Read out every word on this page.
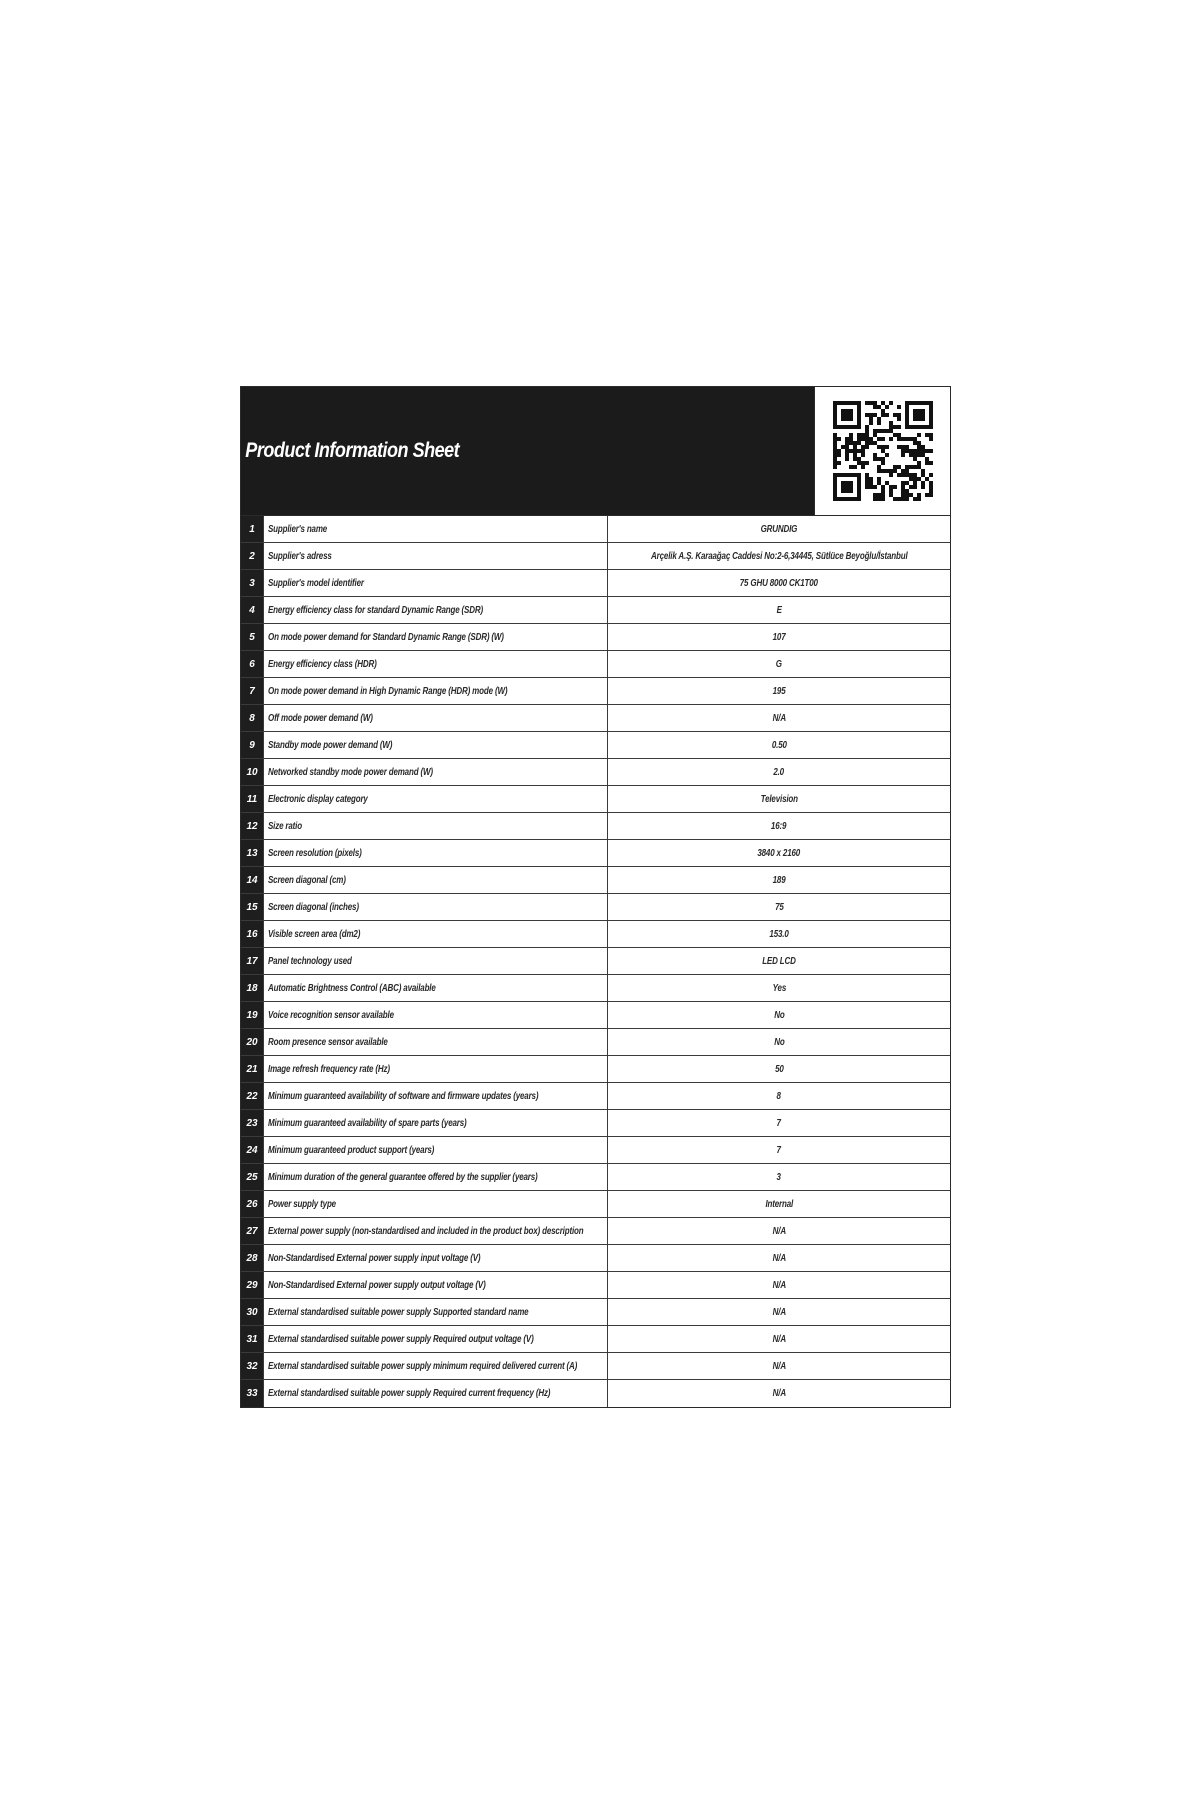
Product Information Sheet
1	Supplier's name	GRUNDIG
2	Supplier's adress	Arçelik A.Ş. Karaağaç Caddesi No:2-6,34445, Sütlüce Beyoğlu/İstanbul
3	Supplier's model identifier	75 GHU 8000 CK1T00
4	Energy efficiency class for standard Dynamic Range (SDR)	E
5	On mode power demand for Standard Dynamic Range (SDR) (W)	107
6	Energy efficiency class (HDR)	G
7	On mode power demand in High Dynamic Range (HDR) mode (W)	195
8	Off mode power demand (W)	N/A
9	Standby mode power demand (W)	0.50
10	Networked standby mode power demand (W)	2.0
11	Electronic display category	Television
12	Size ratio	16:9
13	Screen resolution (pixels)	3840 x 2160
14	Screen diagonal (cm)	189
15	Screen diagonal (inches)	75
16	Visible screen area (dm2)	153.0
17	Panel technology used	LED LCD
18	Automatic Brightness Control (ABC) available	Yes
19	Voice recognition sensor available	No
20	Room presence sensor available	No
21	Image refresh frequency rate (Hz)	50
22	Minimum guaranteed availability of software and firmware updates (years)	8
23	Minimum guaranteed availability of spare parts (years)	7
24	Minimum guaranteed product support (years)	7
25	Minimum duration of the general guarantee offered by the supplier (years)	3
26	Power supply type	Internal
27	External power supply (non-standardised and included in the product box) description	N/A
28	Non-Standardised External power supply input voltage (V)	N/A
29	Non-Standardised External power supply output voltage (V)	N/A
30	External standardised suitable power supply Supported standard name	N/A
31	External standardised suitable power supply Required output voltage (V)	N/A
32	External standardised suitable power supply minimum required delivered current (A)	N/A
33	External standardised suitable power supply Required current frequency (Hz)	N/A
